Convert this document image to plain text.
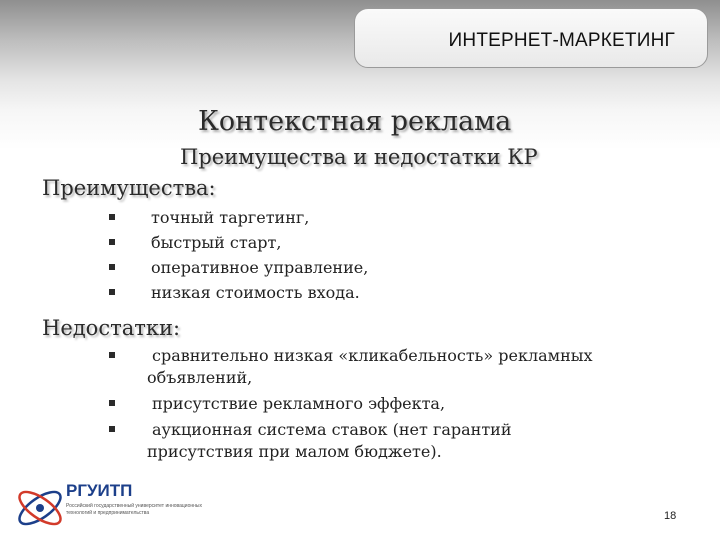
ИНТЕРНЕТ-МАРКЕТИНГ
Контекстная реклама
Преимущества и недостатки КР
Преимущества:
точный таргетинг,
быстрый старт,
оперативное управление,
низкая стоимость входа.
Недостатки:
сравнительно низкая «кликабельность» рекламных объявлений,
присутствие рекламного эффекта,
аукционная система ставок (нет гарантий присутствия при малом бюджете).
РГУИТП
Российский государственный университет инновационных технологий и предпринимательства	18
